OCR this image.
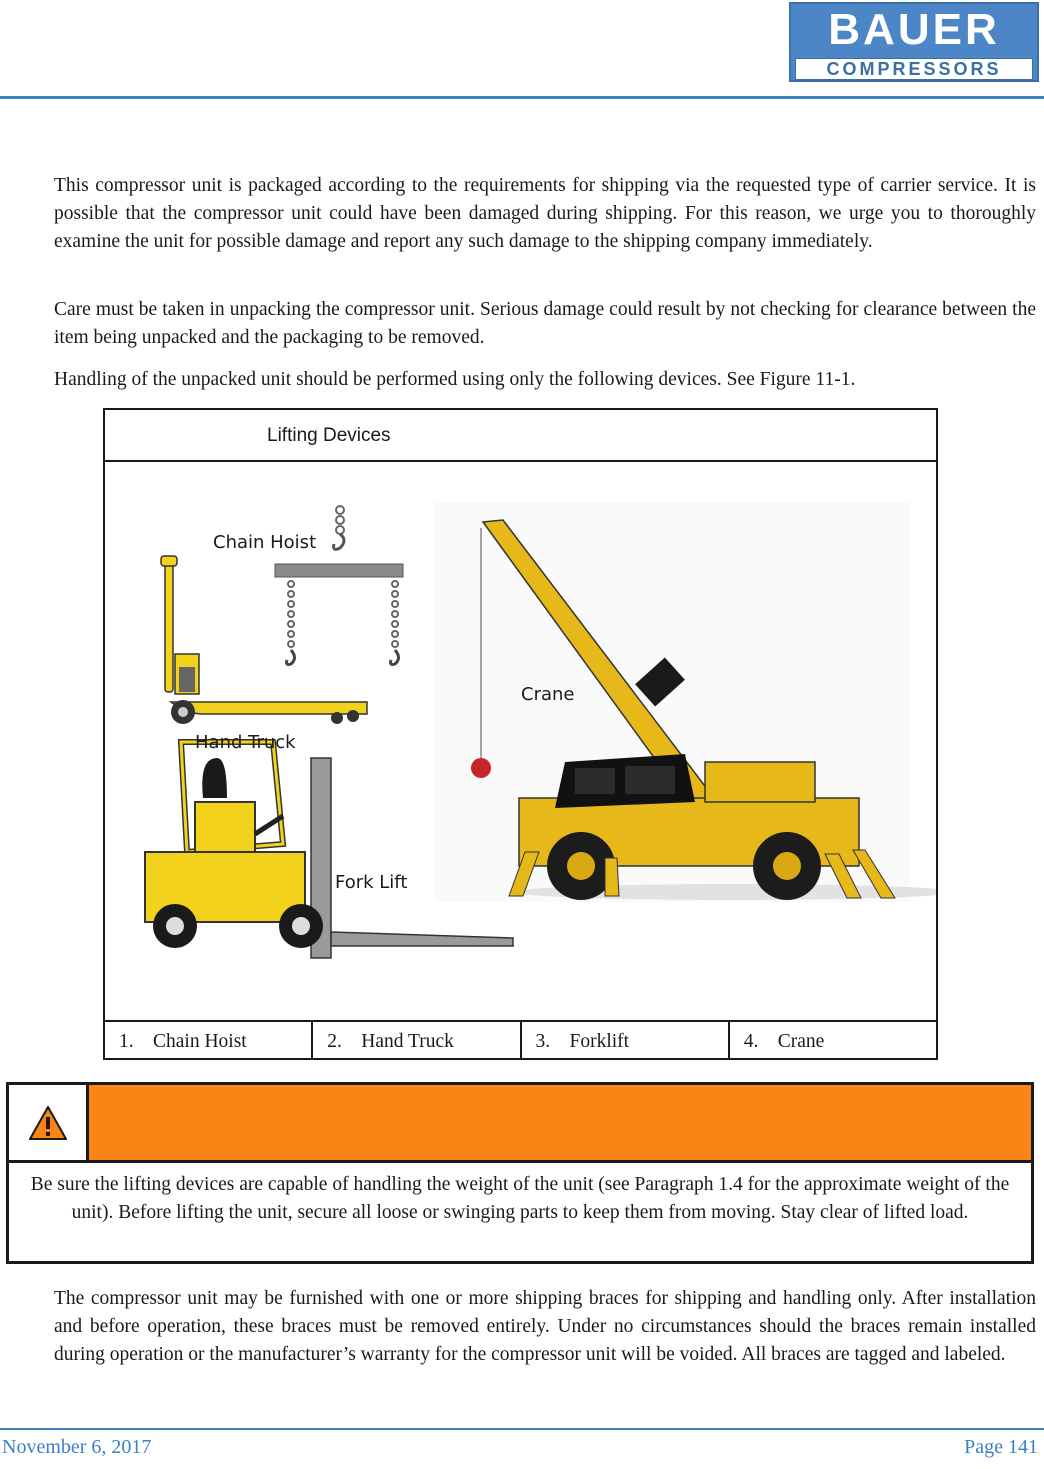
BAUER
COMPRESSORS

This compressor unit is packaged according to the requirements for shipping via the requested type of carrier service. It is possible that the compressor unit could have been damaged during shipping. For this reason, we urge you to thoroughly examine the unit for possible damage and report any such damage to the shipping company immediately.

Care must be taken in unpacking the compressor unit. Serious damage could result by not checking for clearance between the item being unpacked and the packaging to be removed.

Handling of the unpacked unit should be performed using only the following devices. See Figure 11-1.

Lifting Devices
Chain Hoist
Hand Truck
Crane
Fork Lift
1. Chain Hoist	2. Hand Truck	3. Forklift	4. Crane

Be sure the lifting devices are capable of handling the weight of the unit (see Paragraph 1.4 for the approximate weight of the unit). Before lifting the unit, secure all loose or swinging parts to keep them from moving. Stay clear of lifted load.

The compressor unit may be furnished with one or more shipping braces for shipping and handling only. After installation and before operation, these braces must be removed entirely. Under no circumstances should the braces remain installed during operation or the manufacturer’s warranty for the compressor unit will be voided. All braces are tagged and labeled.

November 6, 2017	Page 141
